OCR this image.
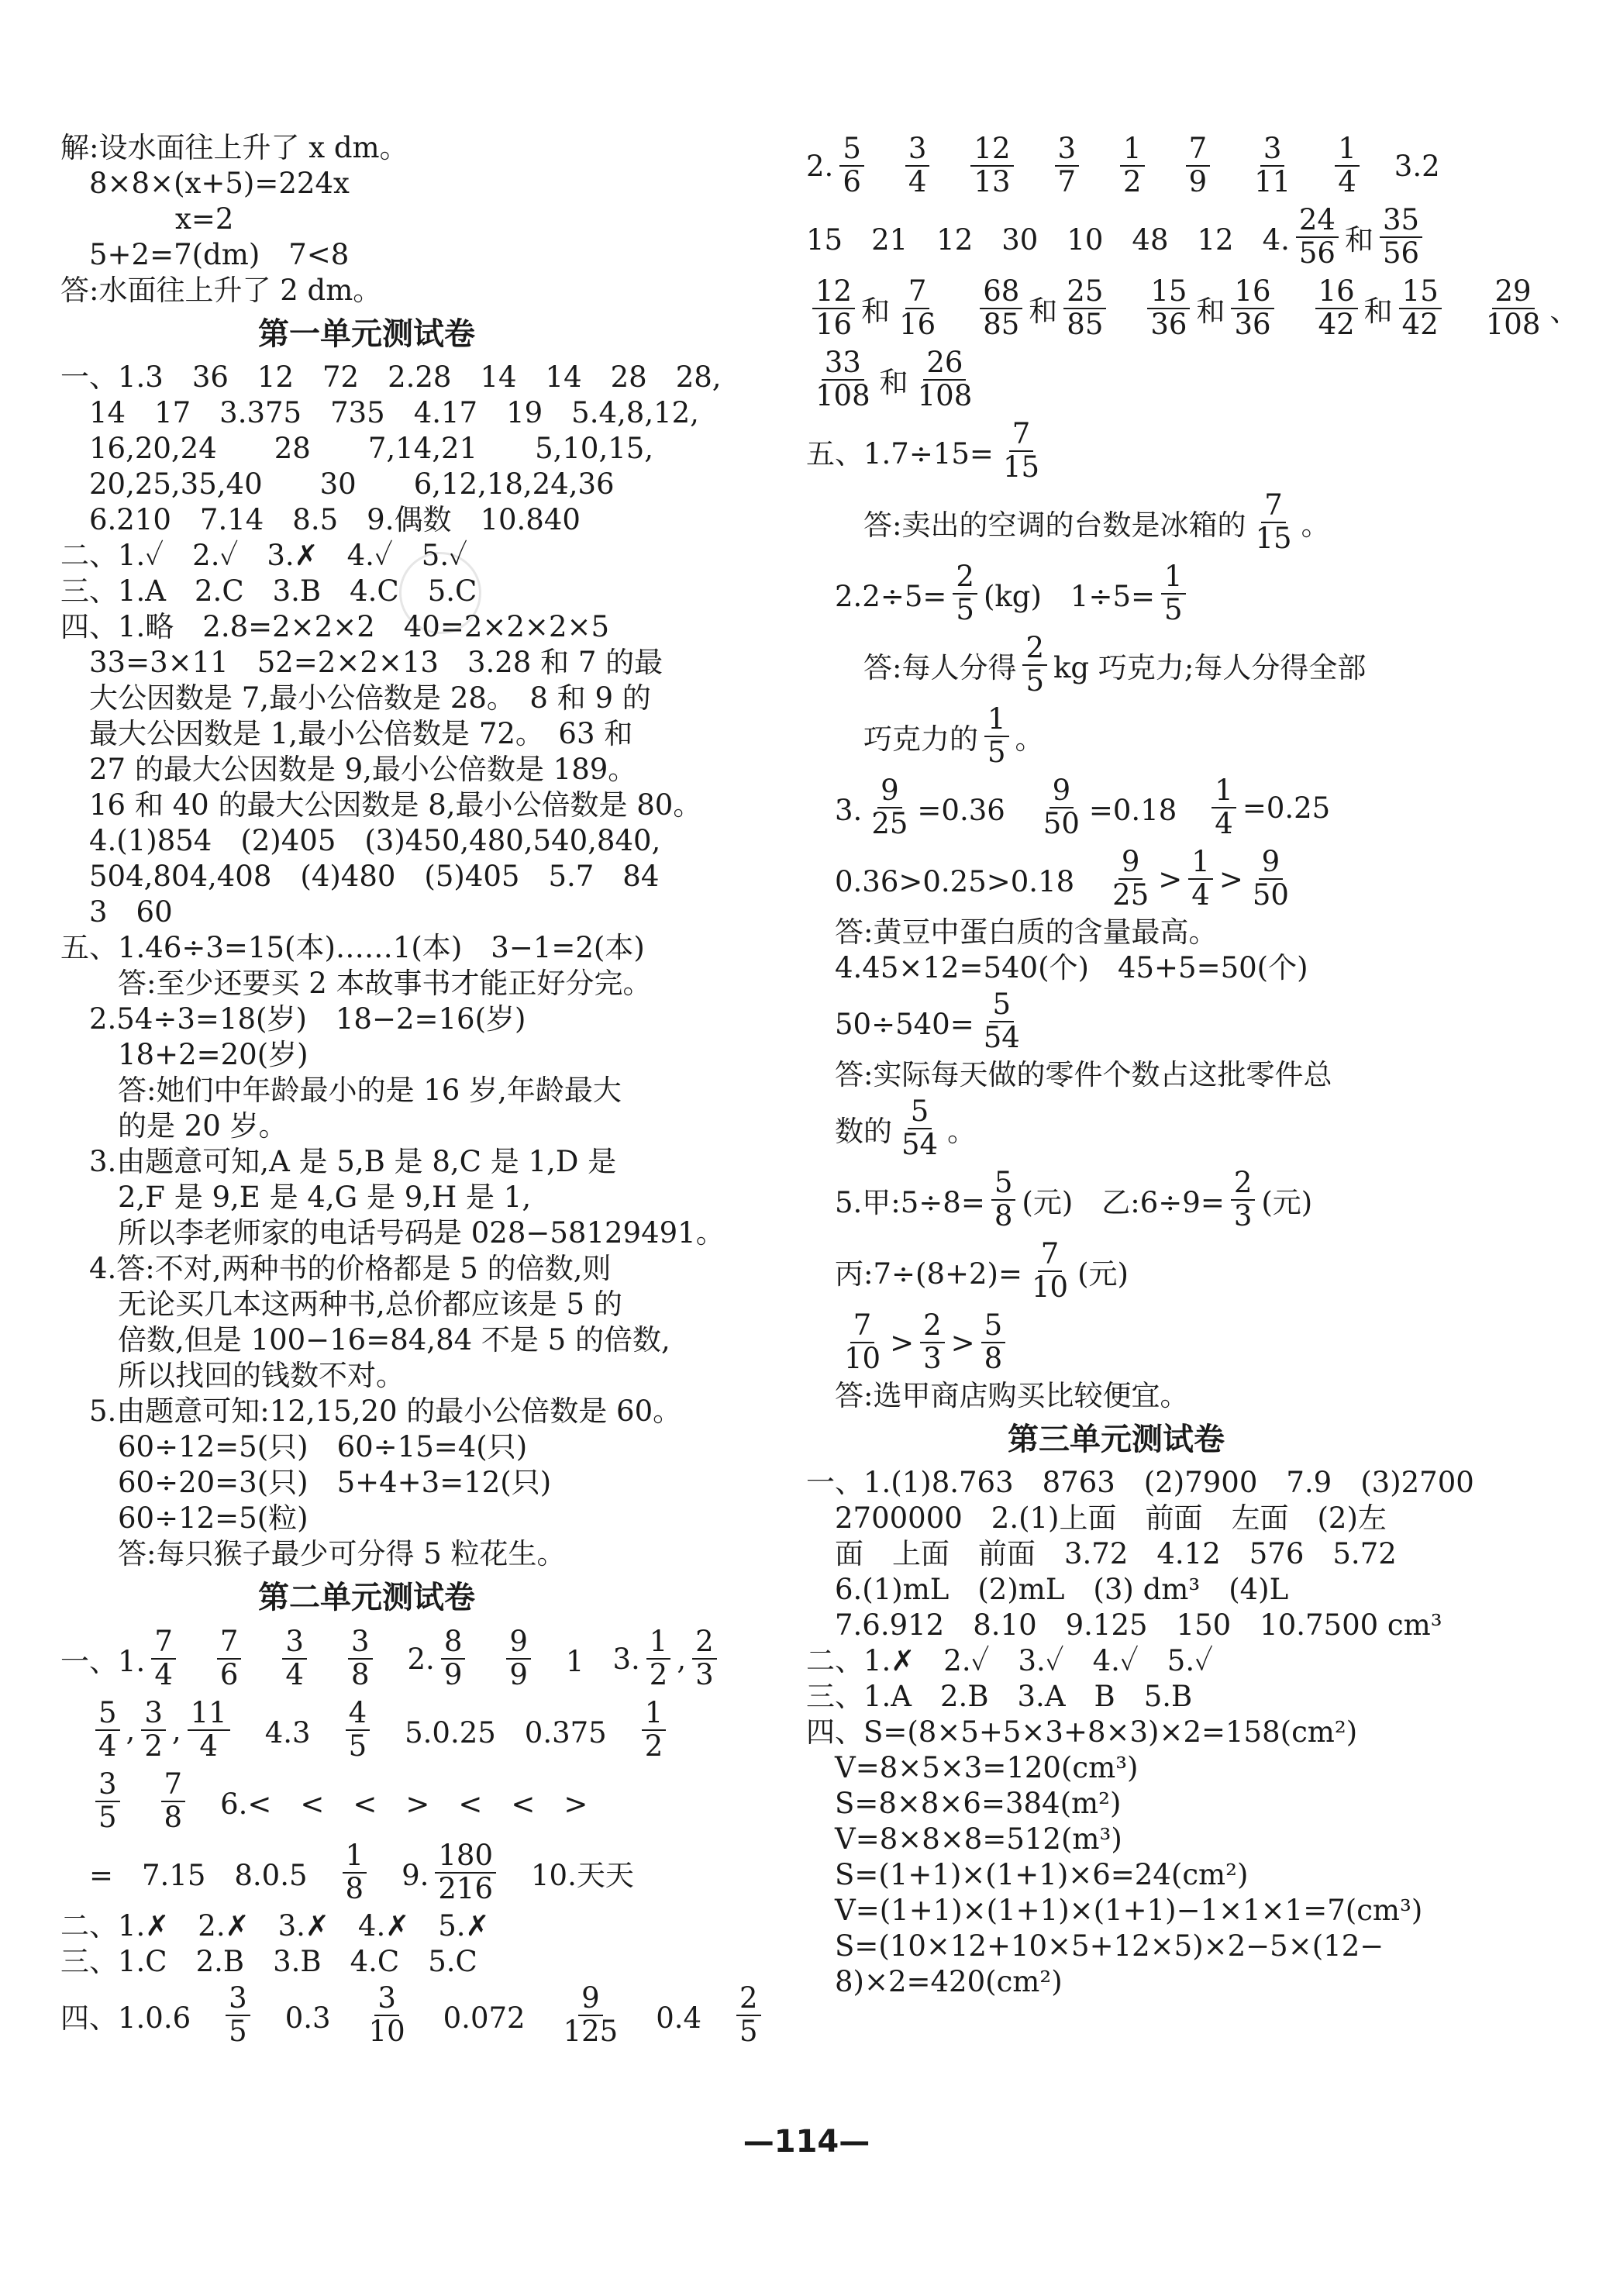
解:设水面往上升了 x dm。
　8×8×(x+5)=224x
　　　　x=2
　5+2=7(dm)　7<8
答:水面往上升了 2 dm。
第一单元测试卷
一、1.3　36　12　72　2.28　14　14　28　28,
　14　17　3.375　735　4.17　19　5.4,8,12,
　16,20,24　　28　　7,14,21　　5,10,15,
　20,25,35,40　　30　　6,12,18,24,36
　6.210　7.14　8.5　9.偶数　10.840
二、1.✓　2.✓　3.✗　4.✓　5.✓
三、1.A　2.C　3.B　4.C　5.C
四、1.略　2.8=2×2×2　40=2×2×2×5
　33=3×11　52=2×2×13　3.28 和 7 的最
　大公因数是 7,最小公倍数是 28。　8 和 9 的
　最大公因数是 1,最小公倍数是 72。　63 和
　27 的最大公因数是 9,最小公倍数是 189。
　16 和 40 的最大公因数是 8,最小公倍数是 80。
　4.(1)854　(2)405　(3)450,480,540,840,
　504,804,408　(4)480　(5)405　5.7　84
　3　60
五、1.46÷3=15(本)……1(本)　3−1=2(本)
　　答:至少还要买 2 本故事书才能正好分完。
　2.54÷3=18(岁)　18−2=16(岁)
　　18+2=20(岁)
　　答:她们中年龄最小的是 16 岁,年龄最大
　　的是 20 岁。
　3.由题意可知,A 是 5,B 是 8,C 是 1,D 是
　　2,F 是 9,E 是 4,G 是 9,H 是 1,
　　所以李老师家的电话号码是 028−58129491。
　4.答:不对,两种书的价格都是 5 的倍数,则
　　无论买几本这两种书,总价都应该是 5 的
　　倍数,但是 100−16=84,84 不是 5 的倍数,
　　所以找回的钱数不对。
　5.由题意可知:12,15,20 的最小公倍数是 60。
　　60÷12=5(只)　60÷15=4(只)
　　60÷20=3(只)　5+4+3=12(只)
　　60÷12=5(粒)
　　答:每只猴子最少可分得 5 粒花生。
第二单元测试卷
一、1. $\frac{7}{4}$
　 $\frac{7}{6}$
　 $\frac{3}{4}$
　 $\frac{3}{8}$
　 2. $\frac{8}{9}$
　 $\frac{9}{9}$
　 1　 3. $\frac{1}{2}$ , $\frac{2}{3}$

$\frac{5}{4}$ , $\frac{3}{2}$ , $\frac{11}{4}$ 　4.3　 $\frac{4}{5}$ 　5.0.25　0.375　 $\frac{1}{2}$

$\frac{3}{5}$
　 $\frac{7}{8}$
　 6.<　<　<　>　<　<　>
　=　7.15　8.0.5　 $\frac{1}{8}$ 　9. $\frac{180}{216}$ 　10.天天
二、1.✗　2.✗　3.✗　4.✗　5.✗
三、1.C　2.B　3.B　4.C　5.C
四、1.0.6　 $\frac{3}{5}$ 　0.3　 $\frac{3}{10}$ 　0.072　 $\frac{9}{125}$ 　0.4　 $\frac{2}{5}$
2. $\frac{5}{6}$
　 $\frac{3}{4}$
　 $\frac{12}{13}$
　 $\frac{3}{7}$
　 $\frac{1}{2}$
　 $\frac{7}{9}$
　 $\frac{3}{11}$
　 $\frac{1}{4}$
　 3.2
15　21　12　30　10　48　12　4. $\frac{24}{56}$ 和 $\frac{35}{56}$
$\frac{12}{16}$ 和 $\frac{7}{16}$
　 $\frac{68}{85}$ 和 $\frac{25}{85}$
　 $\frac{15}{36}$ 和 $\frac{16}{36}$
　 $\frac{16}{42}$ 和 $\frac{15}{42}$
　 $\frac{29}{108}$ 、
$\frac{33}{108}$ 和 $\frac{26}{108}$
五、$1.7\div 15= \frac{7}{15}$
　　答:卖出的空调的台数是冰箱的 $\frac{7}{15}$ 。
　$2.2\div 5= \frac{2}{5} (kg)$　$1\div 5= \frac{1}{5}$
　　答:每人分得 $\frac{2}{5}$ kg 巧克力;每人分得全部
　　巧克力的 $\frac{1}{5}$ 。
　3. $\frac{9}{25} =0.36$　 $\frac{9}{50} =0.18$　 $\frac{1}{4} =0.25$
　0.36>0.25>0.18　 $\frac{9}{25} > \frac{1}{4} > \frac{9}{50}$
　答:黄豆中蛋白质的含量最高。
　4.45×12=540(个)　45+5=50(个)
　$50\div 540= \frac{5}{54}$
　答:实际每天做的零件个数占这批零件总
　数的 $\frac{5}{54}$ 。
　5.甲:5÷8= $\frac{5}{8}$ (元)　乙:6÷9= $\frac{2}{3}$ (元)
　丙:7÷(8+2)= $\frac{7}{10}$ (元)

$\frac{7}{10} > \frac{2}{3} > \frac{5}{8}$
　答:选甲商店购买比较便宜。
第三单元测试卷
一、1.(1)8.763　8763　(2)7900　7.9　(3)2700
　2700000　2.(1)上面　前面　左面　(2)左
　面　上面　前面　3.72　4.12　576　5.72
　6.(1)mL　(2)mL　(3) dm³　(4)L
　7.6.912　8.10　9.125　150　10.7500 cm³
二、1.✗　2.✓　3.✓　4.✓　5.✓
三、1.A　2.B　3.A　B　5.B
四、S=(8×5+5×3+8×3)×2=158(cm²)
　V=8×5×3=120(cm³)
　S=8×8×6=384(m²)
　V=8×8×8=512(m³)
　S=(1+1)×(1+1)×6=24(cm²)
　V=(1+1)×(1+1)×(1+1)−1×1×1=7(cm³)
　S=(10×12+10×5+12×5)×2−5×(12−
　8)×2=420(cm²)
—114—
